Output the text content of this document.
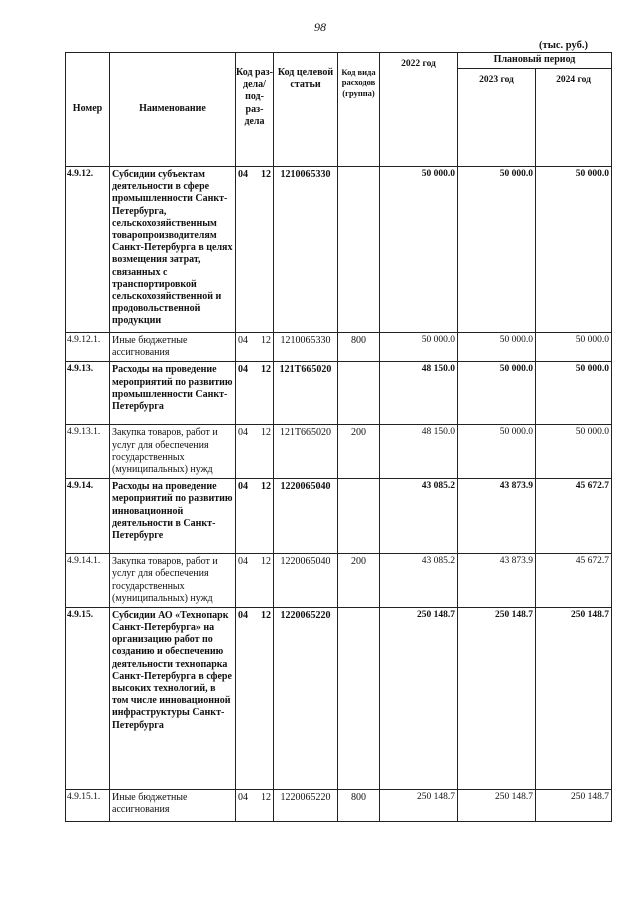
98
(тыс. руб.)
Номер	Наименование	Код раз-
дела/
под-
раз-
дела	Код целевой статьи	Код вида расходов (группа)	2022 год	Плановый период	
						2023 год	2024 год
4.9.12.	Субсидии субъектам деятельности в сфере промышленности Санкт-Петербурга, сельскохозяйственным товаропроизводителям Санкт-Петербурга в целях возмещения затрат, связанных с транспортировкой сельскохозяйственной и продовольственной продукции	04 12	1210065330		50 000.0	50 000.0	50 000.0
4.9.12.1.	Иные бюджетные ассигнования	04 12	1210065330	800	50 000.0	50 000.0	50 000.0
4.9.13.	Расходы на проведение мероприятий по развитию промышленности Санкт-Петербурга	04 12	121Т665020		48 150.0	50 000.0	50 000.0
4.9.13.1.	Закупка товаров, работ и услуг для обеспечения государственных (муниципальных) нужд	04 12	121Т665020	200	48 150.0	50 000.0	50 000.0
4.9.14.	Расходы на проведение мероприятий по развитию инновационной деятельности в Санкт-Петербурге	04 12	1220065040		43 085.2	43 873.9	45 672.7
4.9.14.1.	Закупка товаров, работ и услуг для обеспечения государственных (муниципальных) нужд	04 12	1220065040	200	43 085.2	43 873.9	45 672.7
4.9.15.	Субсидии АО «Технопарк Санкт-Петербурга» на организацию работ по созданию и обеспечению деятельности технопарка Санкт-Петербурга в сфере высоких технологий, в том числе инновационной инфраструктуры Санкт-Петербурга	04 12	1220065220		250 148.7	250 148.7	250 148.7
4.9.15.1.	Иные бюджетные ассигнования	04 12	1220065220	800	250 148.7	250 148.7	250 148.7
